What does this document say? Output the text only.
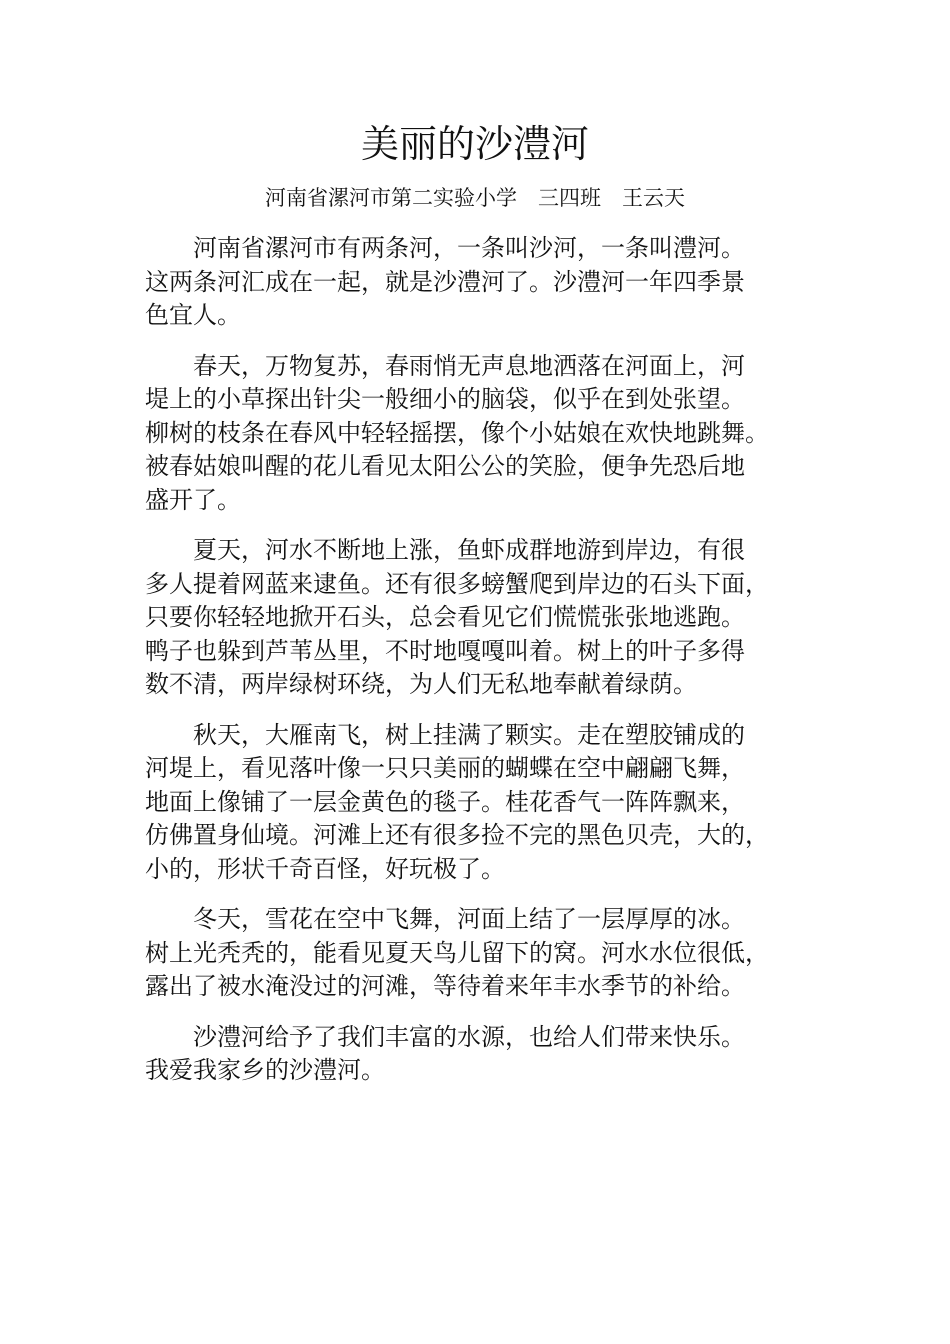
美丽的沙澧河

河南省漯河市第二实验小学　三四班　王云天

河南省漯河市有两条河，一条叫沙河，一条叫澧河。
这两条河汇成在一起，就是沙澧河了。沙澧河一年四季景
色宜人。

春天，万物复苏，春雨悄无声息地洒落在河面上，河
堤上的小草探出针尖一般细小的脑袋，似乎在到处张望。
柳树的枝条在春风中轻轻摇摆，像个小姑娘在欢快地跳舞。
被春姑娘叫醒的花儿看见太阳公公的笑脸，便争先恐后地
盛开了。

夏天，河水不断地上涨，鱼虾成群地游到岸边，有很
多人提着网蓝来逮鱼。还有很多螃蟹爬到岸边的石头下面，
只要你轻轻地掀开石头，总会看见它们慌慌张张地逃跑。
鸭子也躲到芦苇丛里，不时地嘎嘎叫着。树上的叶子多得
数不清，两岸绿树环绕，为人们无私地奉献着绿荫。

秋天，大雁南飞，树上挂满了颗实。走在塑胶铺成的
河堤上，看见落叶像一只只美丽的蝴蝶在空中翩翩飞舞，
地面上像铺了一层金黄色的毯子。桂花香气一阵阵飘来，
仿佛置身仙境。河滩上还有很多捡不完的黑色贝壳，大的，
小的，形状千奇百怪，好玩极了。

冬天，雪花在空中飞舞，河面上结了一层厚厚的冰。
树上光秃秃的，能看见夏天鸟儿留下的窝。河水水位很低，
露出了被水淹没过的河滩，等待着来年丰水季节的补给。

沙澧河给予了我们丰富的水源，也给人们带来快乐。
我爱我家乡的沙澧河。
